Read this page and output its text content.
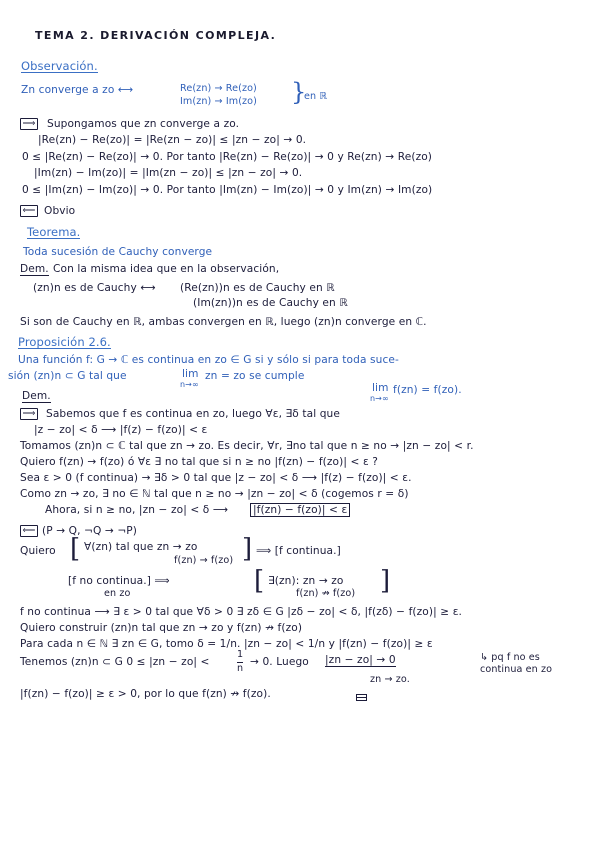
TEMA 2. DERIVACIÓN COMPLEJA.
Observación.
Zn converge a zo ⟷	Re(zn) → Re(zo)
Im(zn) → Im(zo) }
en ℝ
⟹ Supongamos que zn converge a zo.
|Re(zn) − Re(zo)| = |Re(zn − zo)| ≤ |zn − zo| → 0.
0 ≤ |Re(zn) − Re(zo)| → 0. Por tanto |Re(zn) − Re(zo)| → 0 y Re(zn) → Re(zo)
|Im(zn) − Im(zo)| = |Im(zn − zo)| ≤ |zn − zo| → 0.
0 ≤ |Im(zn) − Im(zo)| → 0. Por tanto |Im(zn) − Im(zo)| → 0 y Im(zn) → Im(zo)
⟸ Obvio
Teorema.
Toda sucesión de Cauchy converge
Dem. Con la misma idea que en la observación,
(zn)n es de Cauchy ⟷ (Re(zn))n es de Cauchy en ℝ
(Im(zn))n es de Cauchy en ℝ
Si son de Cauchy en ℝ, ambas convergen en ℝ, luego (zn)n converge en ℂ.
Proposición 2.6.
Una función f: G → ℂ es continua en zo ∈ G si y sólo si para toda suce-
sión (zn)n ⊂ G tal que	lim
n→∞
zn = zo se cumple
lim
n→∞
f(zn) = f(zo).
Dem.
⟹ Sabemos que f es continua en zo, luego ∀ε, ∃δ tal que
|z − zo| < δ ⟶ |f(z) − f(zo)| < ε
Tomamos (zn)n ⊂ ℂ tal que zn → zo. Es decir, ∀r, ∃no tal que n ≥ no → |zn − zo| < r.
Quiero f(zn) → f(zo) ó ∀ε ∃ no tal que si n ≥ no |f(zn) − f(zo)| < ε ?
Sea ε > 0 (f continua) → ∃δ > 0 tal que |z − zo| < δ ⟶ |f(z) − f(zo)| < ε.
Como zn → zo, ∃ no ∈ ℕ tal que n ≥ no → |zn − zo| < δ (cogemos r = δ)
Ahora, si n ≥ no, |zn − zo| < δ ⟶ |f(zn) − f(zo)| < ε
⟸ (P → Q, ¬Q → ¬P)
Quiero [ ∀(zn) tal que zn → zo
f(zn) → f(zo) ] ⟹ [f continua.]
[f no continua.] ⟹
en zo	[ ∃(zn): zn → zo
f(zn) ↛ f(zo) ]
f no continua ⟶ ∃ ε > 0 tal que ∀δ > 0 ∃ zδ ∈ G |zδ − zo| < δ, |f(zδ) − f(zo)| ≥ ε.
Quiero construir (zn)n tal que zn → zo y f(zn) ↛ f(zo)
Para cada n ∈ ℕ ∃ zn ∈ G, tomo δ = 1/n. |zn − zo| < 1/n y |f(zn) − f(zo)| ≥ ε
Tenemos (zn)n ⊂ G 0 ≤ |zn − zo| <
1
n
→ 0. Luego |zn − zo| → 0
zn → zo.
↳ pq f no es
continua en zo
|f(zn) − f(zo)| ≥ ε > 0, por lo que f(zn) ↛ f(zo).
